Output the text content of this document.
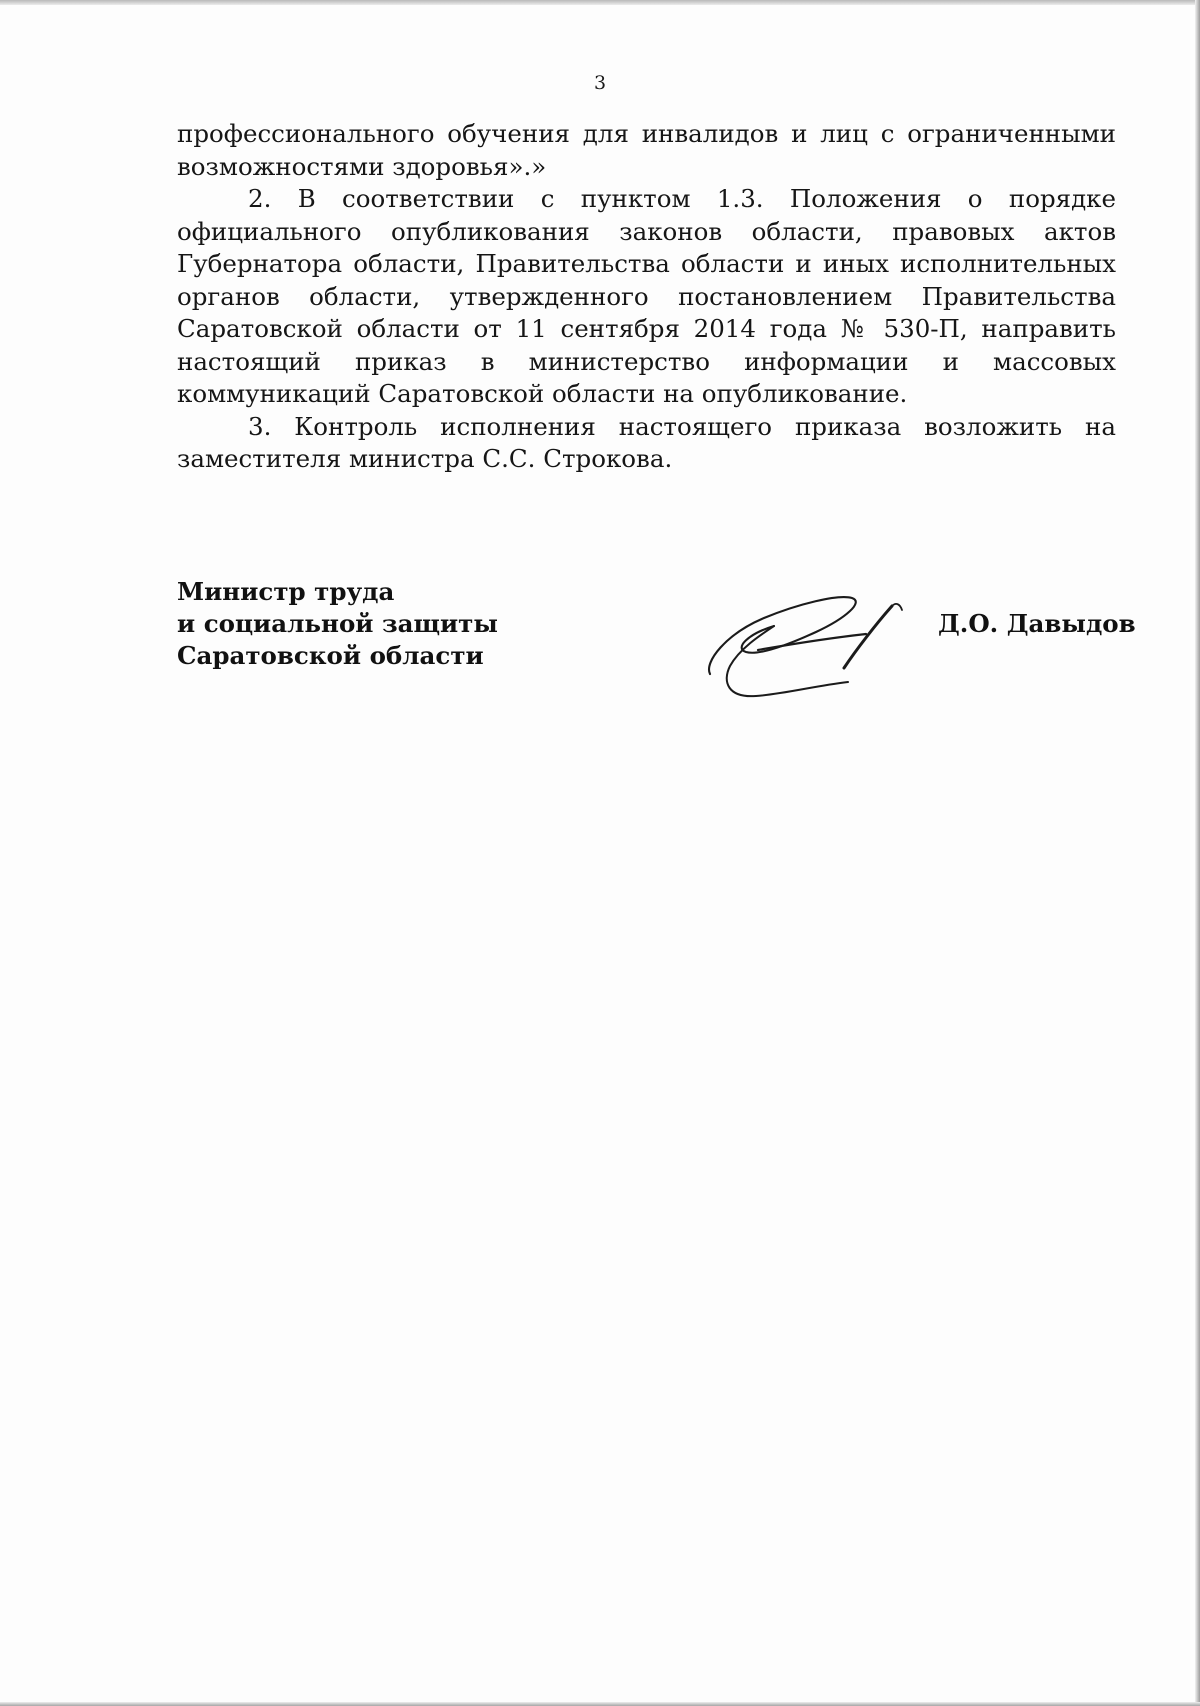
3

профессионального обучения для инвалидов и лиц с ограниченными возможностями здоровья».»

2. В соответствии с пунктом 1.3. Положения о порядке официального опубликования законов области, правовых актов Губернатора области, Правительства области и иных исполнительных органов области, утвержденного постановлением Правительства Саратовской области от 11 сентября 2014 года № 530-П, направить настоящий приказ в министерство информации и массовых коммуникаций Саратовской области на опубликование.

3. Контроль исполнения настоящего приказа возложить на заместителя министра С.С. Строкова.

Министр труда
и социальной защиты
Саратовской области
Д.О. Давыдов
